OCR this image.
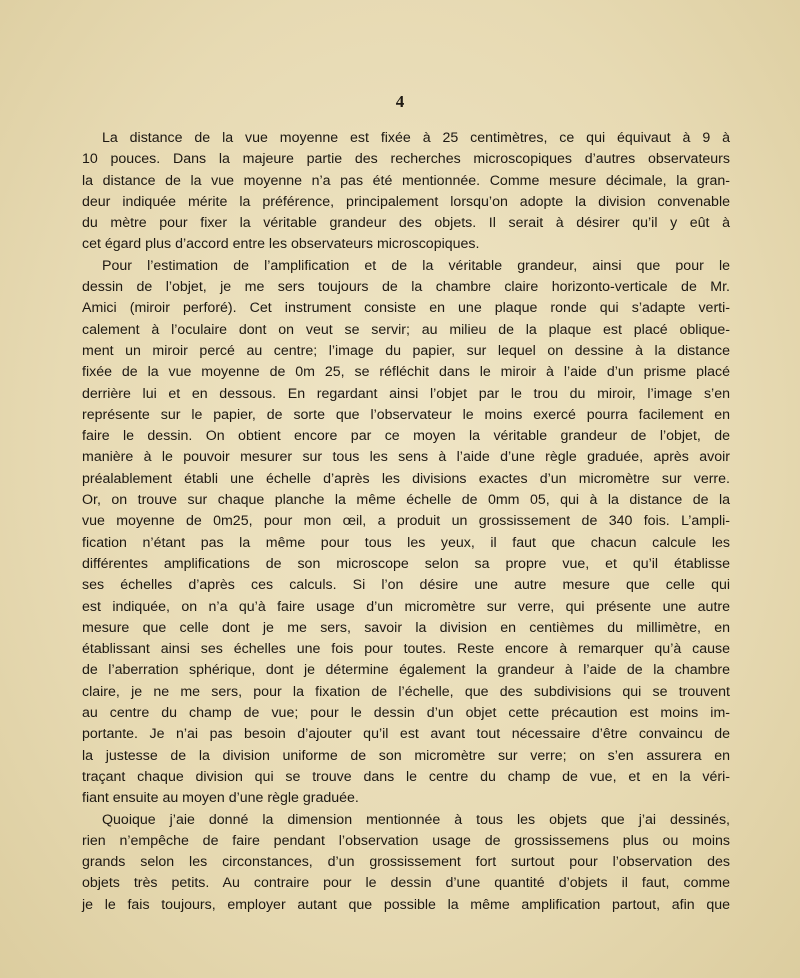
4
La distance de la vue moyenne est fixée à 25 centimètres, ce qui équivaut à 9 à
10 pouces. Dans la majeure partie des recherches microscopiques d’autres observateurs
la distance de la vue moyenne n’a pas été mentionnée. Comme mesure décimale, la gran-
deur indiquée mérite la préférence, principalement lorsqu’on adopte la division convenable
du mètre pour fixer la véritable grandeur des objets. Il serait à désirer qu’il y eût à
cet égard plus d’accord entre les observateurs microscopiques.
Pour l’estimation de l’amplification et de la véritable grandeur, ainsi que pour le
dessin de l’objet, je me sers toujours de la chambre claire horizonto-verticale de Mr.
Amici (miroir perforé). Cet instrument consiste en une plaque ronde qui s’adapte verti-
calement à l’oculaire dont on veut se servir; au milieu de la plaque est placé oblique-
ment un miroir percé au centre; l’image du papier, sur lequel on dessine à la distance
fixée de la vue moyenne de 0m 25, se réfléchit dans le miroir à l’aide d’un prisme placé
derrière lui et en dessous. En regardant ainsi l’objet par le trou du miroir, l’image s’en
représente sur le papier, de sorte que l’observateur le moins exercé pourra facilement en
faire le dessin. On obtient encore par ce moyen la véritable grandeur de l’objet, de
manière à le pouvoir mesurer sur tous les sens à l’aide d’une règle graduée, après avoir
préalablement établi une échelle d’après les divisions exactes d’un micromètre sur verre.
Or, on trouve sur chaque planche la même échelle de 0mm 05, qui à la distance de la
vue moyenne de 0m25, pour mon œil, a produit un grossissement de 340 fois. L’ampli-
fication n’étant pas la même pour tous les yeux, il faut que chacun calcule les
différentes amplifications de son microscope selon sa propre vue, et qu’il établisse
ses échelles d’après ces calculs. Si l’on désire une autre mesure que celle qui
est indiquée, on n’a qu’à faire usage d’un micromètre sur verre, qui présente une autre
mesure que celle dont je me sers, savoir la division en centièmes du millimètre, en
établissant ainsi ses échelles une fois pour toutes. Reste encore à remarquer qu’à cause
de l’aberration sphérique, dont je détermine également la grandeur à l’aide de la chambre
claire, je ne me sers, pour la fixation de l’échelle, que des subdivisions qui se trouvent
au centre du champ de vue; pour le dessin d’un objet cette précaution est moins im-
portante. Je n’ai pas besoin d’ajouter qu’il est avant tout nécessaire d’être convaincu de
la justesse de la division uniforme de son micromètre sur verre; on s’en assurera en
traçant chaque division qui se trouve dans le centre du champ de vue, et en la véri-
fiant ensuite au moyen d’une règle graduée.
Quoique j’aie donné la dimension mentionnée à tous les objets que j’ai dessinés,
rien n’empêche de faire pendant l’observation usage de grossissemens plus ou moins
grands selon les circonstances, d’un grossissement fort surtout pour l’observation des
objets très petits. Au contraire pour le dessin d’une quantité d’objets il faut, comme
je le fais toujours, employer autant que possible la même amplification partout, afin que
